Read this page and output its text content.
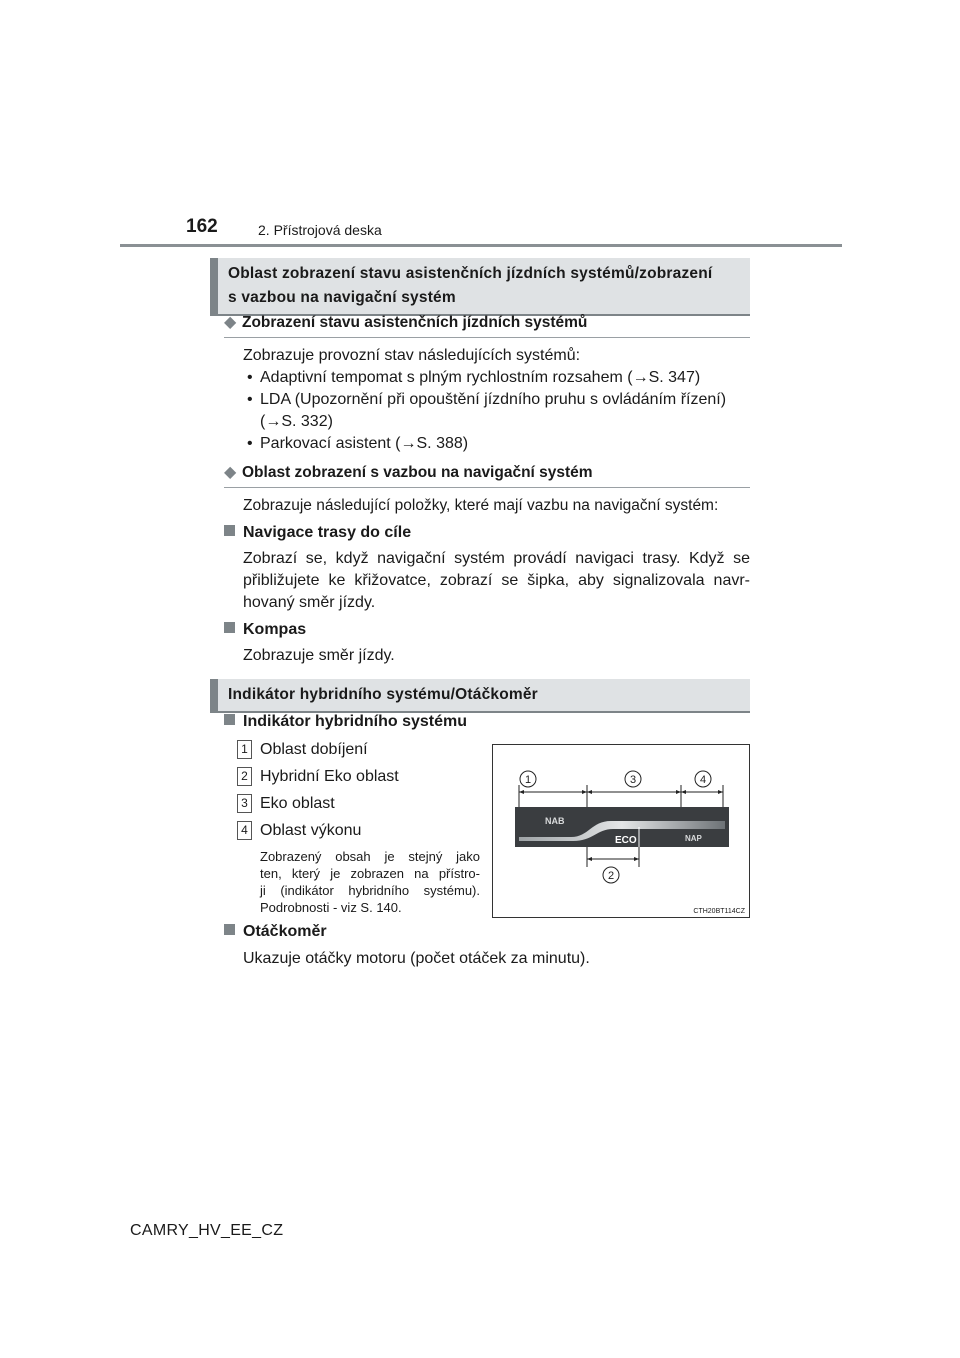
162	2. Přístrojová deska
Oblast zobrazení stavu asistenčních jízdních systémů/zobrazení
s vazbou na navigační systém
◆ Zobrazení stavu asistenčních jízdních systémů
Zobrazuje provozní stav následujících systémů:
• Adaptivní tempomat s plným rychlostním rozsahem (→S. 347)
• LDA (Upozornění při opouštění jízdního pruhu s ovládáním řízení)
(→S. 332)
• Parkovací asistent (→S. 388)
◆ Oblast zobrazení s vazbou na navigační systém
Zobrazuje následující položky, které mají vazbu na navigační systém:
Navigace trasy do cíle
Zobrazí se, když navigační systém provádí navigaci trasy. Když se
přibližujete ke křižovatce, zobrazí se šipka, aby signalizovala navr-
hovaný směr jízdy.
Kompas
Zobrazuje směr jízdy.
Indikátor hybridního systému/Otáčkoměr
Indikátor hybridního systému
1 Oblast dobíjení
2 Hybridní Eko oblast
3 Eko oblast
4 Oblast výkonu
Zobrazený obsah je stejný jako
ten, který je zobrazen na přístro-
ji (indikátor hybridního systému).
Podrobnosti - viz S. 140.
1	3	4
2
NAB
ECO	NAP
CTH20BT114CZ
Otáčkoměr
Ukazuje otáčky motoru (počet otáček za minutu).
CAMRY_HV_EE_CZ
